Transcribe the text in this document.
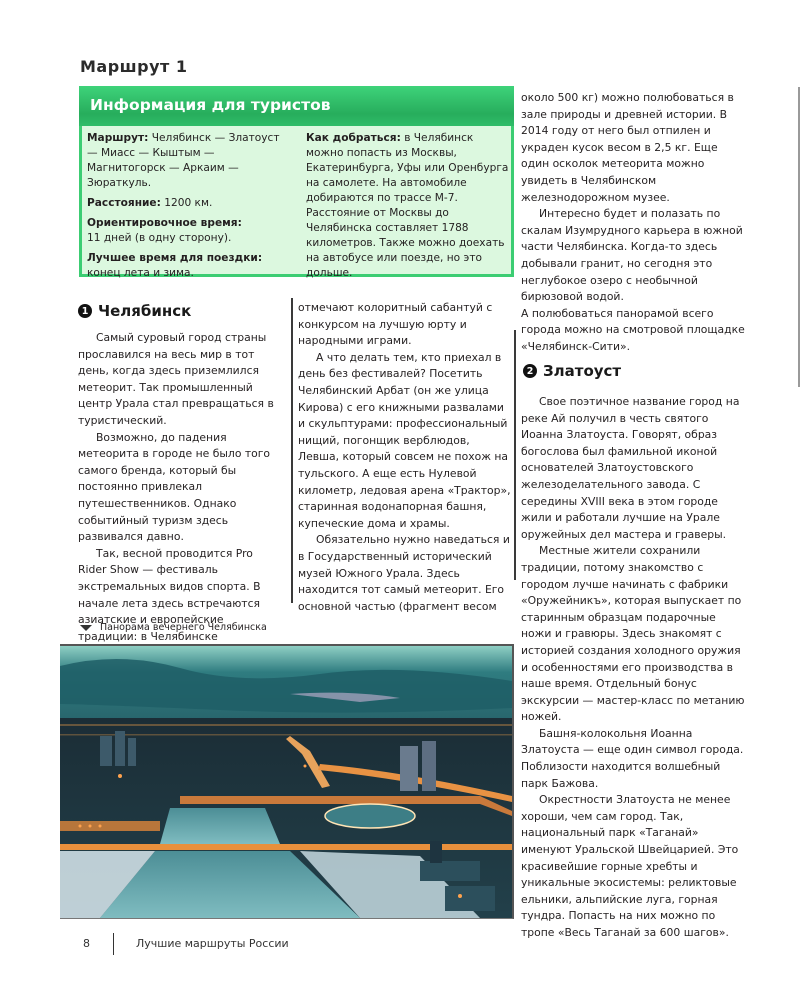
Маршрут 1
Информация для туристов

Маршрут: Челябинск — Златоуст — Миасс — Кыштым — Магнитогорск — Аркаим — Зюраткуль.

Расстояние: 1200 км.

Ориентировочное время:
11 дней (в одну сторону).

Лучшее время для поездки:
конец лета и зима.

Как добраться: в Челябинск можно попасть из Москвы, Екатеринбурга, Уфы или Оренбурга на самолете. На автомобиле добираются по трассе М-7. Расстояние от Москвы до Челябинска составляет 1788 километров. Также можно доехать на автобусе или поезде, но это дольше.

1 Челябинск

Самый суровый город страны прославился на весь мир в тот день, когда здесь приземлился метеорит. Так промышленный центр Урала стал превращаться в туристический.

Возможно, до падения метеорита в городе не было того самого бренда, который бы постоянно привлекал путешественников. Однако событийный туризм здесь развивался давно.

Так, весной проводится Pro Rider Show — фестиваль экстремальных видов спорта. В начале лета здесь встречаются азиатские и европейские традиции: в Челябинске

отмечают колоритный сабантуй с конкурсом на лучшую юрту и народными играми.

А что делать тем, кто приехал в день без фестивалей? Посетить Челябинский Арбат (он же улица Кирова) с его книжными развалами и скульптурами: профессиональный нищий, погонщик верблюдов, Левша, который совсем не похож на тульского. А еще есть Нулевой километр, ледовая арена «Трактор», старинная водонапорная башня, купеческие дома и храмы.

Обязательно нужно наведаться и в Государственный исторический музей Южного Урала. Здесь находится тот самый метеорит. Его основной частью (фрагмент весом

около 500 кг) можно полюбоваться в зале природы и древней истории. В 2014 году от него был отпилен и украден кусок весом в 2,5 кг. Еще один осколок метеорита можно увидеть в Челябинском железнодорожном музее.

Интересно будет и полазать по скалам Изумрудного карьера в южной части Челябинска. Когда-то здесь добывали гранит, но сегодня это неглубокое озеро с необычной бирюзовой водой.

А полюбоваться панорамой всего города можно на смотровой площадке «Челябинск-Сити».

2 Златоуст

Свое поэтичное название город на реке Ай получил в честь святого Иоанна Златоуста. Говорят, образ богослова был фамильной иконой основателей Златоустовского железоделательного завода. С середины XVIII века в этом городе жили и работали лучшие на Урале оружейных дел мастера и граверы.

Местные жители сохранили традиции, потому знакомство с городом лучше начинать с фабрики «Оружейникъ», которая выпускает по старинным образцам подарочные ножи и гравюры. Здесь знакомят с историей создания холодного оружия и особенностями его производства в наше время. Отдельный бонус экскурсии — мастер-класс по метанию ножей.

Башня-колокольня Иоанна Златоуста — еще один символ города. Поблизости находится волшебный парк Бажова.

Окрестности Златоуста не менее хороши, чем сам город. Так, национальный парк «Таганай» именуют Уральской Швейцарией. Это красивейшие горные хребты и уникальные экосистемы: реликтовые ельники, альпийские луга, горная тундра. Попасть на них можно по тропе «Весь Таганай за 600 шагов».

Панорама вечернего Челябинска
8	Лучшие маршруты России
